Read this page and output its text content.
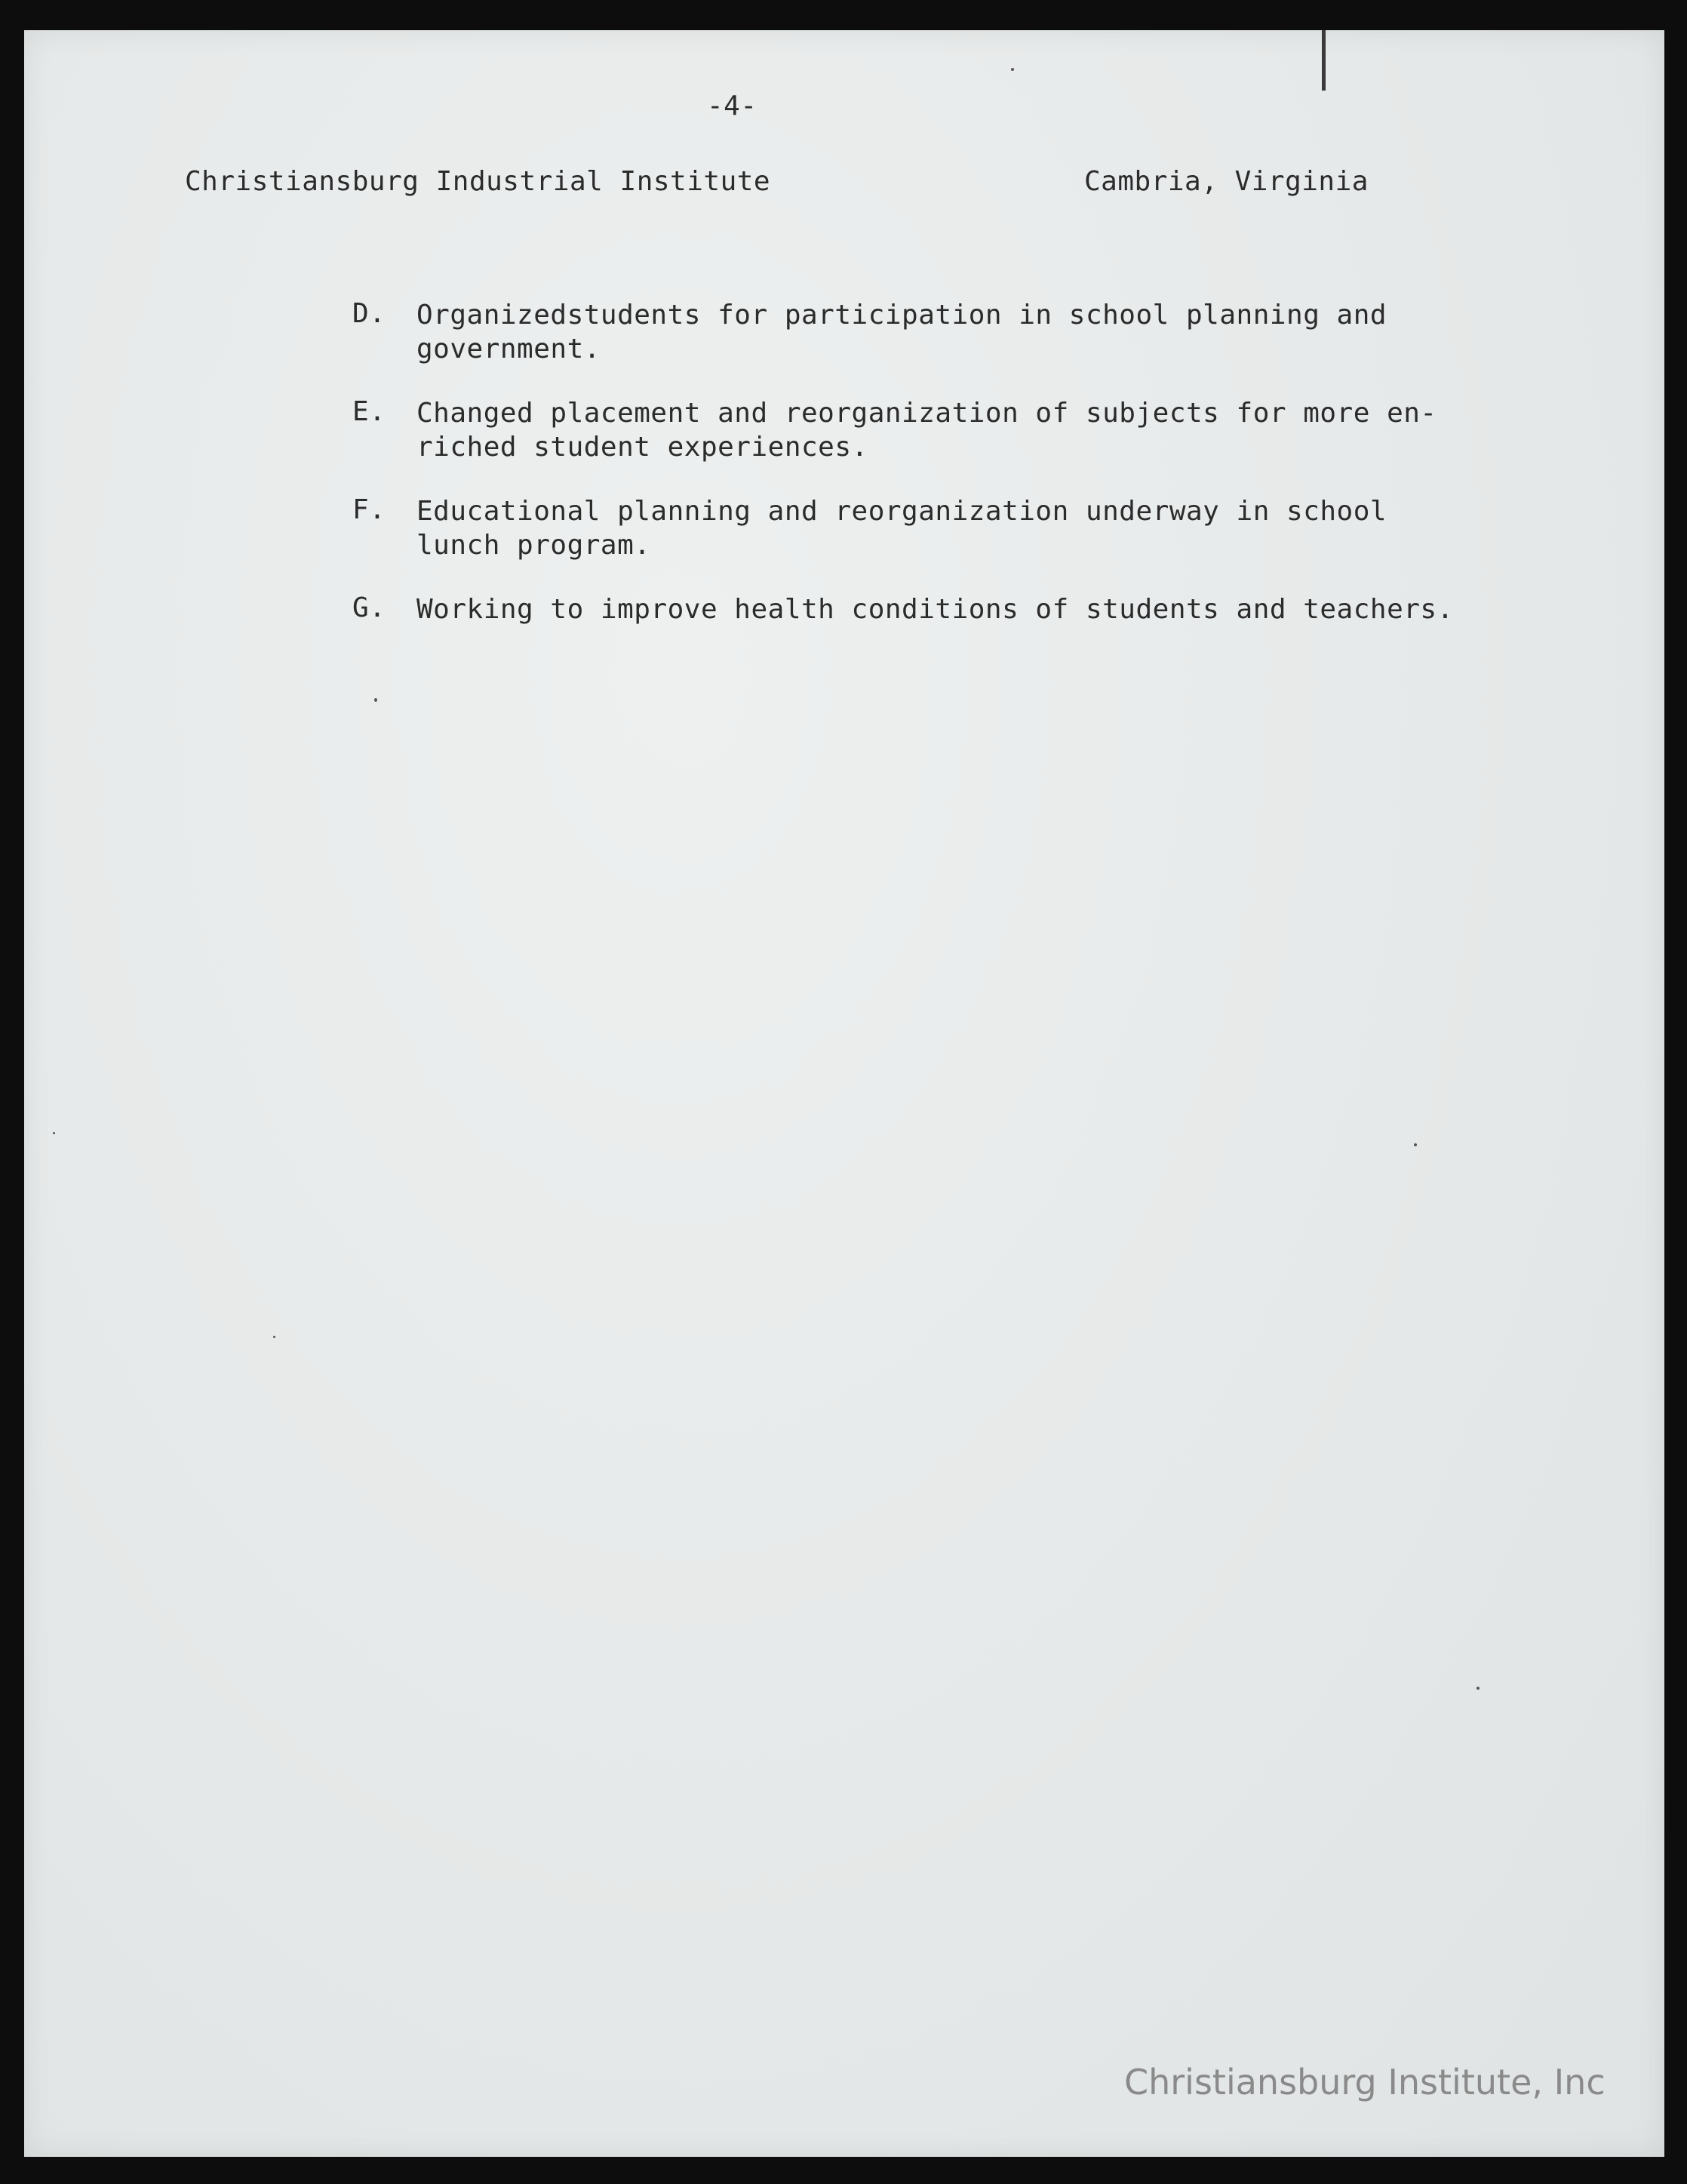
-4-
Christiansburg Industrial Institute	Cambria, Virginia
D.	Organizedstudents for participation in school planning and
government.
E.	Changed placement and reorganization of subjects for more en-
riched student experiences.
F.	Educational planning and reorganization underway in school
lunch program.
G.	Working to improve health conditions of students and teachers.
Christiansburg Institute, Inc
